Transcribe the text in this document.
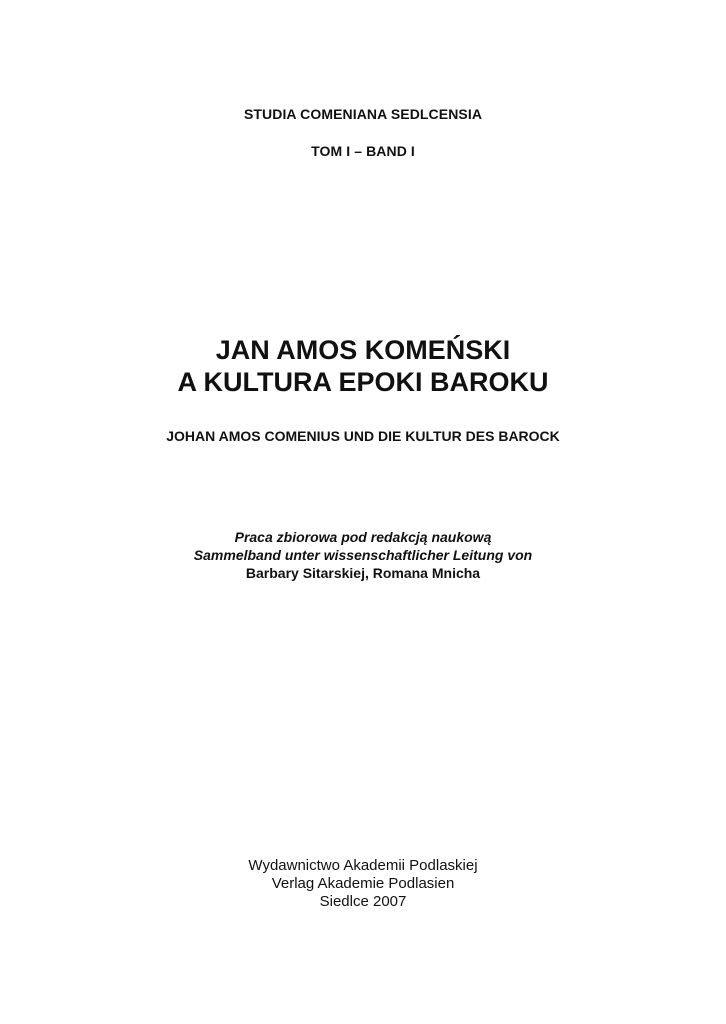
STUDIA COMENIANA SEDLCENSIA
TOM I – BAND I
JAN AMOS KOMEŃSKI
A KULTURA EPOKI BAROKU
JOHAN AMOS COMENIUS UND DIE KULTUR DES BAROCK
Praca zbiorowa pod redakcją naukową
Sammelband unter wissenschaftlicher Leitung von
Barbary Sitarskiej, Romana Mnicha
Wydawnictwo Akademii Podlaskiej
Verlag Akademie Podlasien
Siedlce 2007
